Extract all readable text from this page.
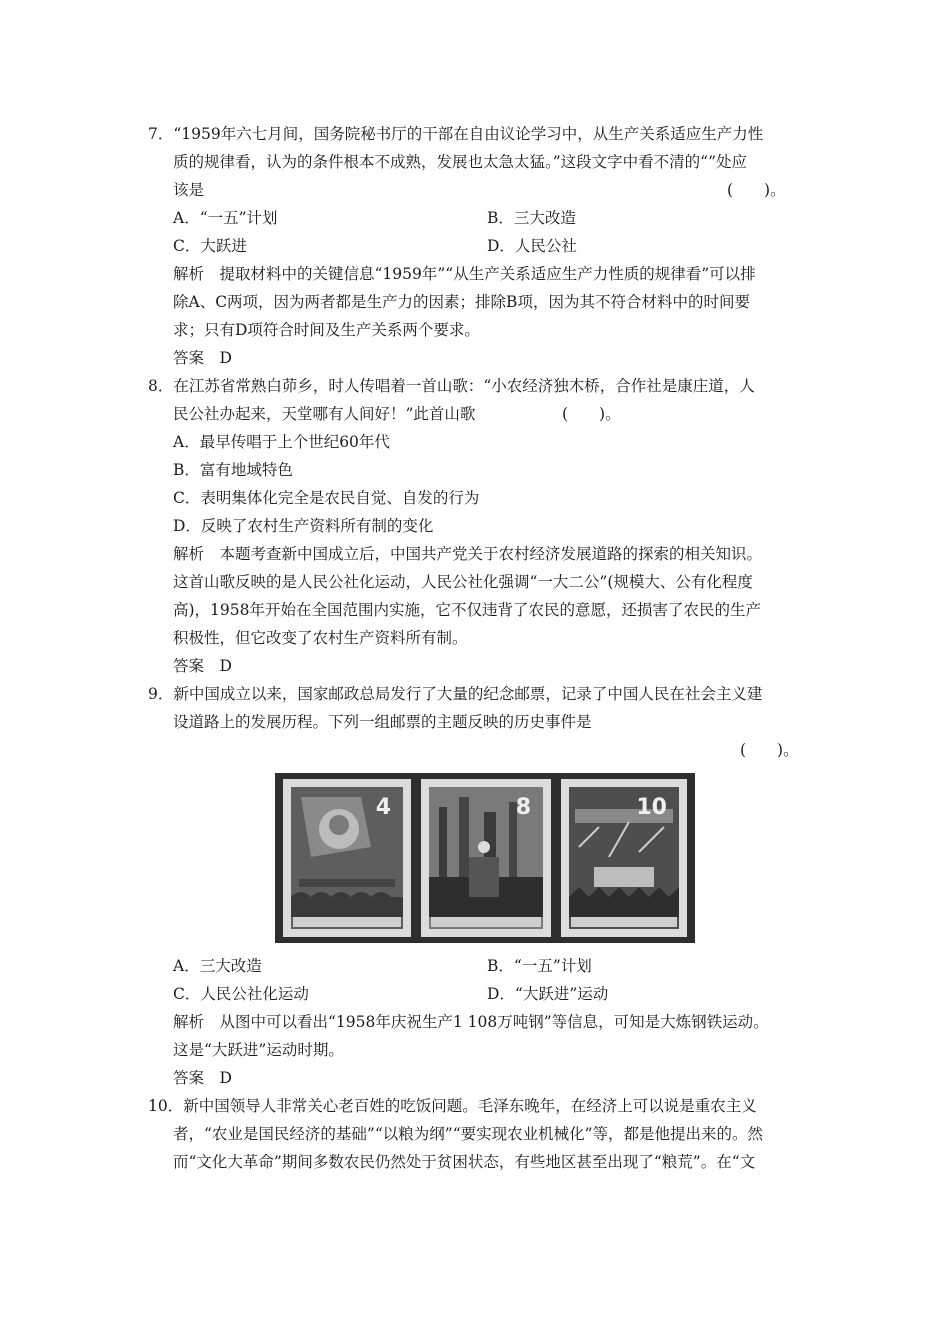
7．“1959年六七月间，国务院秘书厅的干部在自由议论学习中，从生产关系适应生产力性
质的规律看，认为的条件根本不成熟，发展也太急太猛。”这段文字中看不清的“”处应
该是	(　　)。
A．“一五”计划	B．三大改造
C．大跃进	D．人民公社
解析　提取材料中的关键信息“1959年”“从生产关系适应生产力性质的规律看”可以排
除A、C两项，因为两者都是生产力的因素；排除B项，因为其不符合材料中的时间要
求；只有D项符合时间及生产关系两个要求。
答案　D
8．在江苏省常熟白茆乡，时人传唱着一首山歌：“小农经济独木桥，合作社是康庄道，人
民公社办起来，天堂哪有人间好！”此首山歌	(　　)。
A．最早传唱于上个世纪60年代
B．富有地域特色
C．表明集体化完全是农民自觉、自发的行为
D．反映了农村生产资料所有制的变化
解析　本题考查新中国成立后，中国共产党关于农村经济发展道路的探索的相关知识。
这首山歌反映的是人民公社化运动，人民公社化强调“一大二公”(规模大、公有化程度
高)，1958年开始在全国范围内实施，它不仅违背了农民的意愿，还损害了农民的生产
积极性，但它改变了农村生产资料所有制。
答案　D
9．新中国成立以来，国家邮政总局发行了大量的纪念邮票，记录了中国人民在社会主义建
设道路上的发展历程。下列一组邮票的主题反映的历史事件是
(　　)。
4	8	10
A．三大改造	B．“一五”计划
C．人民公社化运动	D．“大跃进”运动
解析　从图中可以看出“1958年庆祝生产1 108万吨钢”等信息，可知是大炼钢铁运动。
这是“大跃进”运动时期。
答案　D
10．新中国领导人非常关心老百姓的吃饭问题。毛泽东晚年，在经济上可以说是重农主义
者，“农业是国民经济的基础”“以粮为纲”“要实现农业机械化”等，都是他提出来的。然
而“文化大革命”期间多数农民仍然处于贫困状态，有些地区甚至出现了“粮荒”。在“文
